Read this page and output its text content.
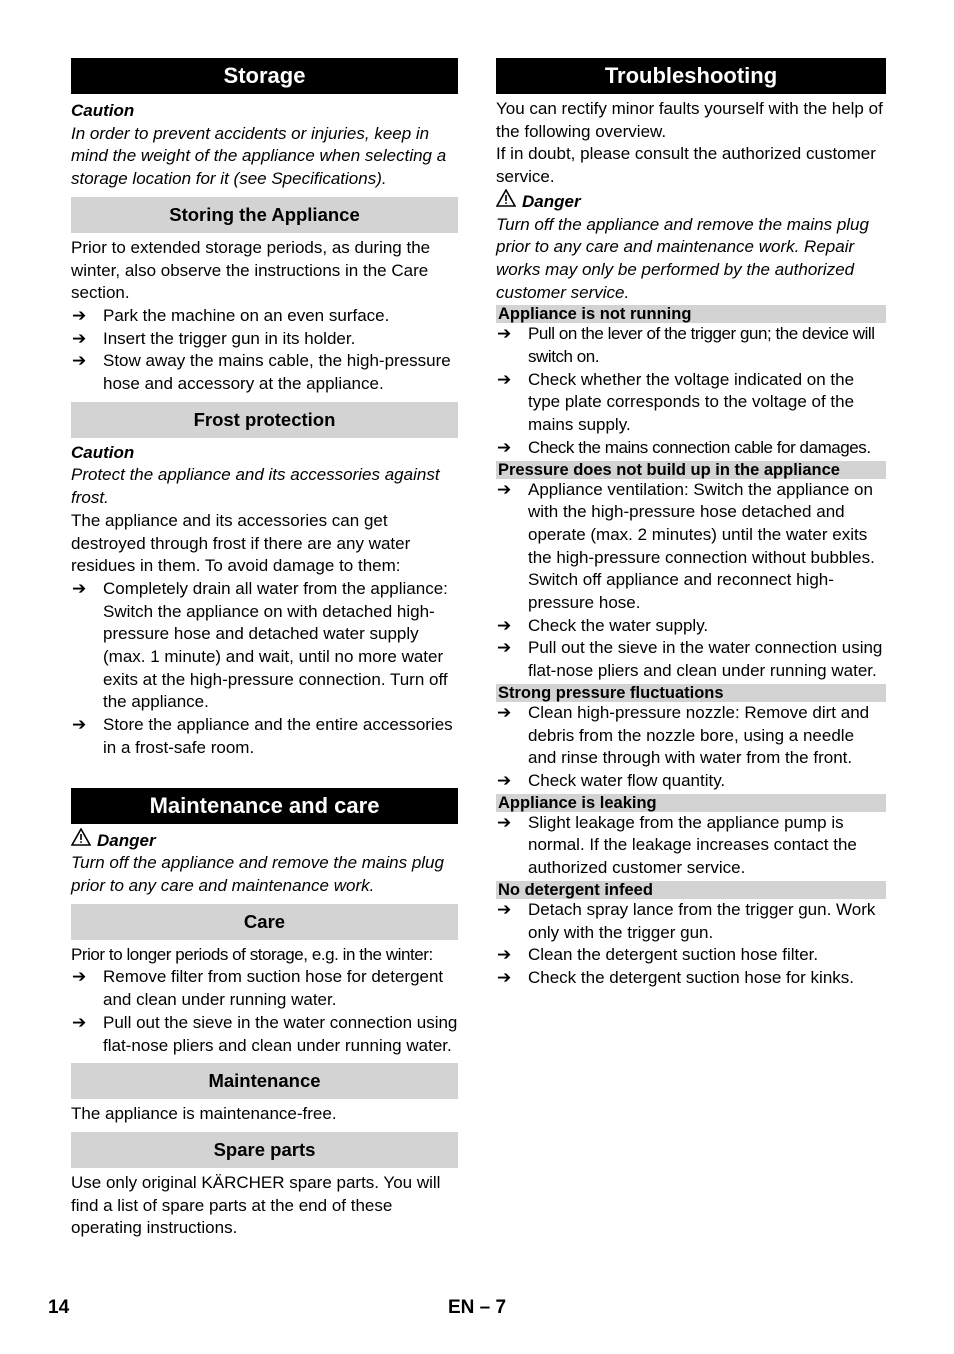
Storage

Caution

In order to prevent accidents or injuries, keep in mind the weight of the appliance when selecting a storage location for it (see Specifications).

Storing the Appliance

Prior to extended storage periods, as during the winter, also observe the instructions in the Care section.

➔ Park the machine on an even surface.
➔ Insert the trigger gun in its holder.
➔ Stow away the mains cable, the high-pressure hose and accessory at the appliance.
Frost protection

Caution

Protect the appliance and its accessories against frost.

The appliance and its accessories can get destroyed through frost if there are any water residues in them. To avoid damage to them:

➔ Completely drain all water from the appliance: Switch the appliance on with detached high-pressure hose and detached water supply (max. 1 minute) and wait, until no more water exits at the high-pressure connection. Turn off the appliance.
➔ Store the appliance and the entire accessories in a frost-safe room.
Maintenance and care

Danger

Turn off the appliance and remove the mains plug prior to any care and maintenance work.

Care

Prior to longer periods of storage, e.g. in the winter:

➔ Remove filter from suction hose for detergent and clean under running water.
➔ Pull out the sieve in the water connection using flat-nose pliers and clean under running water.
Maintenance

The appliance is maintenance-free.

Spare parts

Use only original KÄRCHER spare parts. You will find a list of spare parts at the end of these operating instructions.

Troubleshooting

You can rectify minor faults yourself with the help of the following overview.

If in doubt, please consult the authorized customer service.

Danger

Turn off the appliance and remove the mains plug prior to any care and maintenance work. Repair works may only be performed by the authorized customer service.

Appliance is not running
➔ Pull on the lever of the trigger gun; the device will switch on.
➔ Check whether the voltage indicated on the type plate corresponds to the voltage of the mains supply.
➔ Check the mains connection cable for damages.
Pressure does not build up in the appliance
➔ Appliance ventilation: Switch the appliance on with the high-pressure hose detached and operate (max. 2 minutes) until the water exits the high-pressure connection without bubbles. Switch off appliance and reconnect high-pressure hose.
➔ Check the water supply.
➔ Pull out the sieve in the water connection using flat-nose pliers and clean under running water.
Strong pressure fluctuations
➔ Clean high-pressure nozzle: Remove dirt and debris from the nozzle bore, using a needle and rinse through with water from the front.
➔ Check water flow quantity.
Appliance is leaking
➔ Slight leakage from the appliance pump is normal. If the leakage increases contact the authorized customer service.
No detergent infeed
➔ Detach spray lance from the trigger gun. Work only with the trigger gun.
➔ Clean the detergent suction hose filter.
➔ Check the detergent suction hose for kinks.
14	EN – 7
